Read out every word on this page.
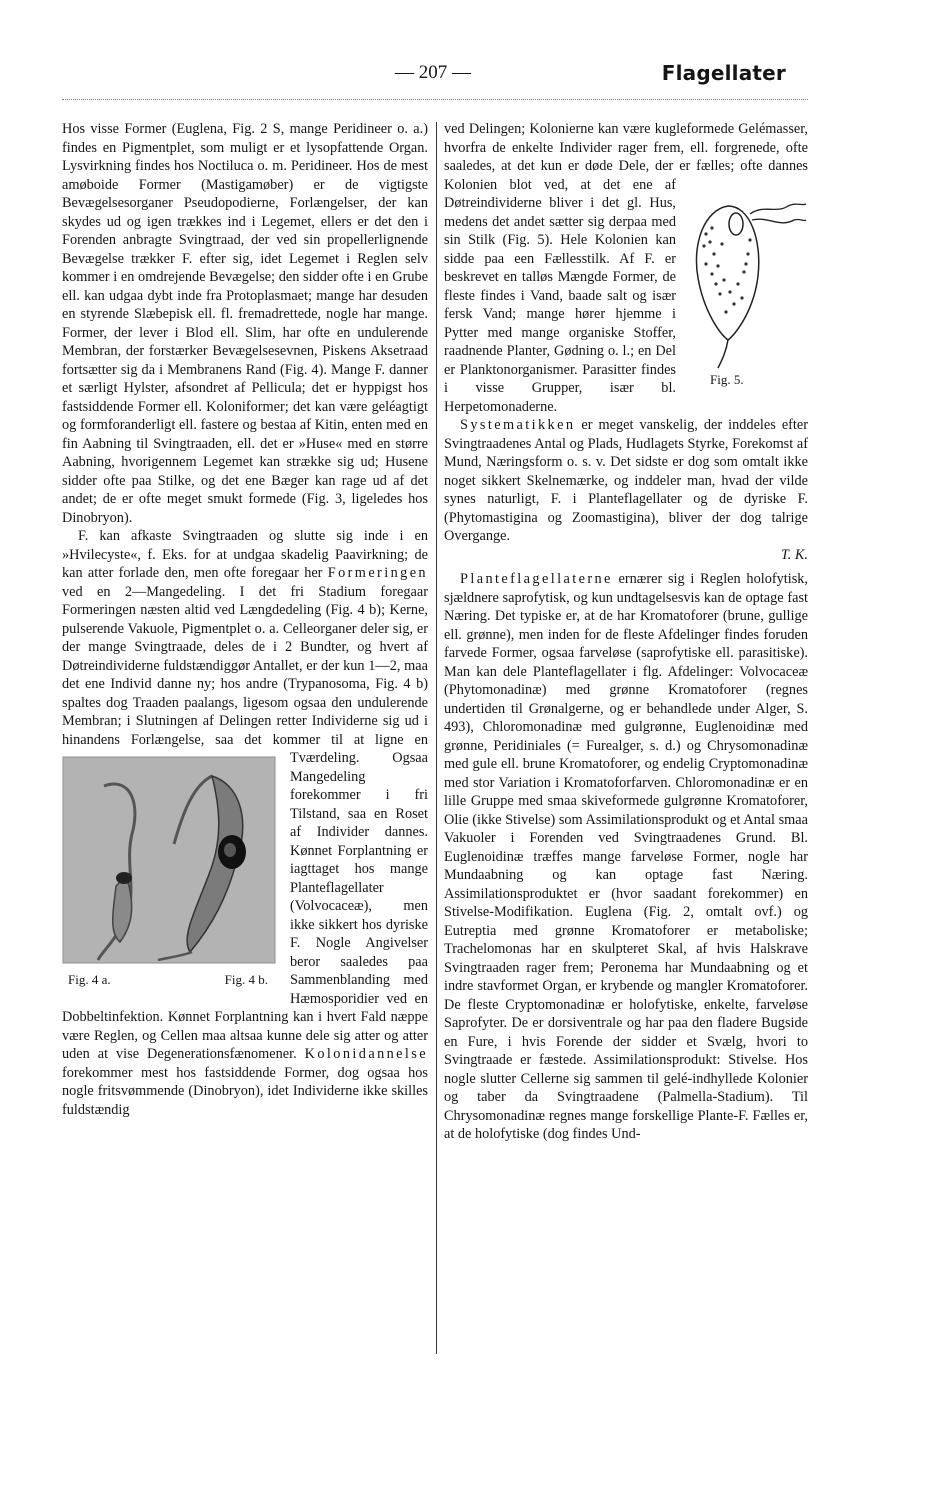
— 207 —	Flagellater

Hos visse Former (Euglena, Fig. 2 S, mange Peridineer o. a.) findes en Pigmentplet, som muligt er et lysopfattende Organ. Lysvirkning findes hos Noctiluca o. m. Peridineer. Hos de mest amøboide Former (Mastigamøber) er de vigtigste Bevægelsesorganer Pseudopodierne, Forlængelser, der kan skydes ud og igen trækkes ind i Legemet, ellers er det den i Forenden anbragte Svingtraad, der ved sin propellerlignende Bevægelse trækker F. efter sig, idet Legemet i Reglen selv kommer i en omdrejende Bevægelse; den sidder ofte i en Grube ell. kan udgaa dybt inde fra Protoplasmaet; mange har desuden en styrende Slæbepisk ell. fl. fremadrettede, nogle har mange. Former, der lever i Blod ell. Slim, har ofte en undulerende Membran, der forstærker Bevægelsesevnen, Piskens Aksetraad fortsætter sig da i Membranens Rand (Fig. 4). Mange F. danner et særligt Hylster, afsondret af Pellicula; det er hyppigst hos fastsiddende Former ell. Koloniformer; det kan være geléagtigt og formforanderligt ell. fastere og bestaa af Kitin, enten med en fin Aabning til Svingtraaden, ell. det er »Huse« med en større Aabning, hvorigennem Legemet kan strække sig ud; Husene sidder ofte paa Stilke, og det ene Bæger kan rage ud af det andet; de er ofte meget smukt formede (Fig. 3, ligeledes hos Dinobryon).

F. kan afkaste Svingtraaden og slutte sig inde i en »Hvilecyste«, f. Eks. for at undgaa skadelig Paavirkning; de kan atter forlade den, men ofte foregaar her Formeringen ved en 2—Mangedeling. I det fri Stadium foregaar Formeringen næsten altid ved Længdedeling (Fig. 4 b); Kerne, pulserende Vakuole, Pigmentplet o. a. Celleorganer deler sig, er der mange Svingtraade, deles de i 2 Bundter, og hvert af Døtreindividerne fuldstændiggør Antallet, er der kun 1—2, maa det ene Individ danne ny; hos andre (Trypanosoma, Fig. 4 b) spaltes dog Traaden paalangs, ligesom ogsaa den undulerende Membran; i Slutningen af Delingen retter Individerne sig ud i hinandens Forlængelse, saa det kommer til at ligne en Tværdeling. Ogsaa Mangedeling forekommer i fri Tilstand, saa en Roset af Individer dannes. Kønnet Forplantning er iagttaget hos mange Planteflagellater (Volvocaceæ), men ikke sikkert hos dyriske F. Nogle Angivelser beror saaledes paa Sammenblanding med Hæmosporidier ved en Dobbeltinfektion. Kønnet Forplantning kan i hvert Fald næppe være Reglen, og Cellen maa altsaa kunne dele sig atter og atter uden at vise Degenerationsfænomener. Kolonidannelse forekommer mest hos fastsiddende Former, dog ogsaa hos nogle fritsvømmende (Dinobryon), idet Individerne ikke skilles fuldstændig

Fig. 4 a.	Fig. 4 b.

ved Delingen; Kolonierne kan være kugleformede Gelémasser, hvorfra de enkelte Individer rager frem, ell. forgrenede, ofte saaledes, at det kun er døde Dele, der er fælles; ofte dannes Kolonien blot ved, at det ene af Døtreindividerne bliver i det gl. Hus, medens det andet sætter sig derpaa med sin Stilk (Fig. 5). Hele Kolonien kan sidde paa een Fællesstilk. Af F. er beskrevet en talløs Mængde Former, de fleste findes i Vand, baade salt og især fersk Vand; mange hører hjemme i Pytter med mange organiske Stoffer, raadnende Planter, Gødning o. l.; en Del er Planktonorganismer. Parasitter findes i visse Grupper, især bl. Herpetomonaderne.

Systematikken er meget vanskelig, der inddeles efter Svingtraadenes Antal og Plads, Hudlagets Styrke, Forekomst af Mund, Næringsform o. s. v. Det sidste er dog som omtalt ikke noget sikkert Skelnemærke, og inddeler man, hvad der vilde synes naturligt, F. i Planteflagellater og de dyriske F. (Phytomastigina og Zoomastigina), bliver der dog talrige Overgange.
T. K.

Planteflagellaterne ernærer sig i Reglen holofytisk, sjældnere saprofytisk, og kun undtagelsesvis kan de optage fast Næring. Det typiske er, at de har Kromatoforer (brune, gullige ell. grønne), men inden for de fleste Afdelinger findes foruden farvede Former, ogsaa farveløse (saprofytiske ell. parasitiske). Man kan dele Planteflagellater i flg. Afdelinger: Volvocaceæ (Phytomonadinæ) med grønne Kromatoforer (regnes undertiden til Grønalgerne, og er behandlede under Alger, S. 493), Chloromonadinæ med gulgrønne, Euglenoidinæ med grønne, Peridiniales (= Furealger, s. d.) og Chrysomonadinæ med gule ell. brune Kromatoforer, og endelig Cryptomonadinæ med stor Variation i Kromatoforfarven. Chloromonadinæ er en lille Gruppe med smaa skiveformede gulgrønne Kromatoforer, Olie (ikke Stivelse) som Assimilationsprodukt og et Antal smaa Vakuoler i Forenden ved Svingtraadenes Grund. Bl. Euglenoidinæ træffes mange farveløse Former, nogle har Mundaabning og kan optage fast Næring. Assimilationsproduktet er (hvor saadant forekommer) en Stivelse-Modifikation. Euglena (Fig. 2, omtalt ovf.) og Eutreptia med grønne Kromatoforer er metaboliske; Trachelomonas har en skulpteret Skal, af hvis Halskrave Svingtraaden rager frem; Peronema har Mundaabning og et indre stavformet Organ, er krybende og mangler Kromatoforer. De fleste Cryptomonadinæ er holofytiske, enkelte, farveløse Saprofyter. De er dorsiventrale og har paa den fladere Bugside en Fure, i hvis Forende der sidder et Svælg, hvori to Svingtraade er fæstede. Assimilationsprodukt: Stivelse. Hos nogle slutter Cellerne sig sammen til gelé-indhyllede Kolonier og taber da Svingtraadene (Palmella-Stadium). Til Chrysomonadinæ regnes mange forskellige Plante-F. Fælles er, at de holofytiske (dog findes Und-

Fig. 5.
